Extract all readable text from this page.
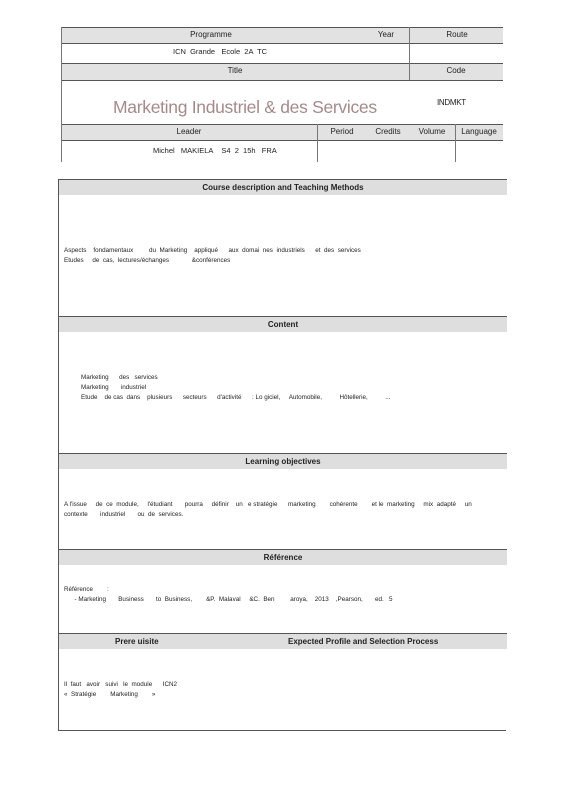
Programme	Year	Route
ICN  Grande   Ecole  2A  TC
Title	Code
Marketing Industriel & des Services	INDMKT
Leader	Period	Credits	Volume	Language
Michel   MAKIELA    S4  2  15h   FRA
Course description and Teaching Methods
Aspects    fondamentaux         du  Marketing    appliqué      aux  domai  nes  industriels      et  des  services
Etudes     de  cas,  lectures/échanges             &conférences
Content
Marketing      des   services
Marketing       industriel
Etude    de cas  dans    plusieurs      secteurs      d'activité      : Lo giciel,     Automobile,          Hôtellerie,          ...
Learning objectives
A l'issue     de  ce  module,     l'étudiant       pourra     définir    un   e stratégie      marketing        cohérente        et le  marketing     mix  adapté     un
contexte       industriel       ou  de  services.
Référence
Référence        :
- Marketing       Business       to  Business,        &P.  Malaval     &C.  Ben         aroya,    2013    ,Pearson,       ed.   5
Prere uisite	Expected Profile and Selection Process
Il  faut   avoir   suivi   le  module      ICN2
«  Stratégie        Marketing        »
